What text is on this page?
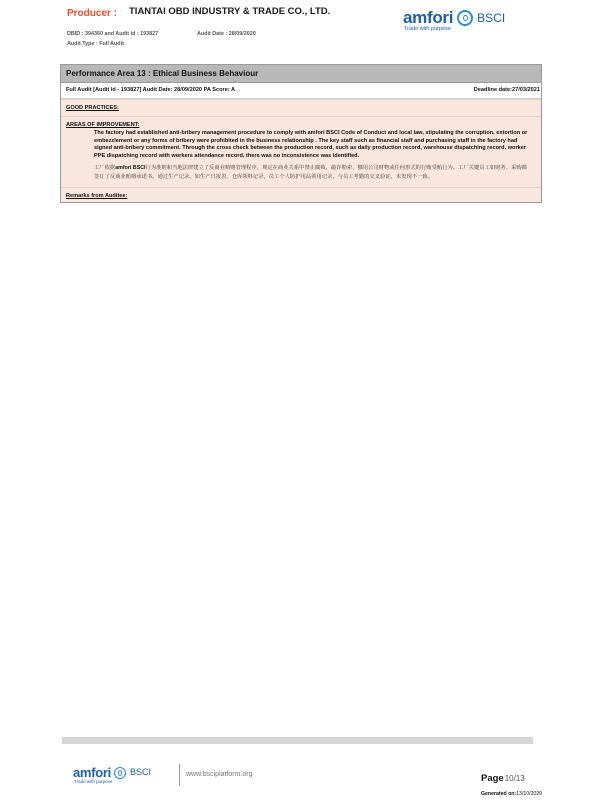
Producer : TIANTAI OBD INDUSTRY & TRADE CO., LTD.
DBID : 394360 and Audit id : 193827	Audit Date : 28/09/2020
Audit Type : Full Audit
amfori BSCI
Trade with purpose
Performance Area 13 : Ethical Business Behaviour
Full Audit [Audit Id - 193827] Audit Date: 28/09/2020 PA Score: A	Deadline date:27/03/2021
GOOD PRACTICES:
AREAS OF IMPROVEMENT:
The factory had established anti-bribery management procedure to comply with amfori BSCI Code of Conduct and local law, stipulating the corruption, extortion or embezzlement or any forms of bribery were prohibited in the business relationship . The key staff such as financial staff and purchasing staff in the factory had signed anti-bribery commitment. Through the cross check between the production record, such as daily production record, warehouse dispatching record, worker PPE dispatching record with workers attendance record, there was no inconsistence was identified.
工厂依据amfori BSCI行为准则和当地法律建立了反商业贿赂管理程序，规定在商业关系中禁止腐败、敲诈勒索、挪用公司财物或任何形式的行贿受贿行为。工厂关键员工如财务、采购都签订了反商业贿赂承诺书。通过生产记录，如生产日报表，仓库领料记录，员工个人防护用品领用记录，与员工考勤的交叉验证，未发现不一致。
Remarks from Auditee:
amfori BSCI
Trade with purpose
www.bsciplatform.org	Page10/13
Generated on:13/10/2020
